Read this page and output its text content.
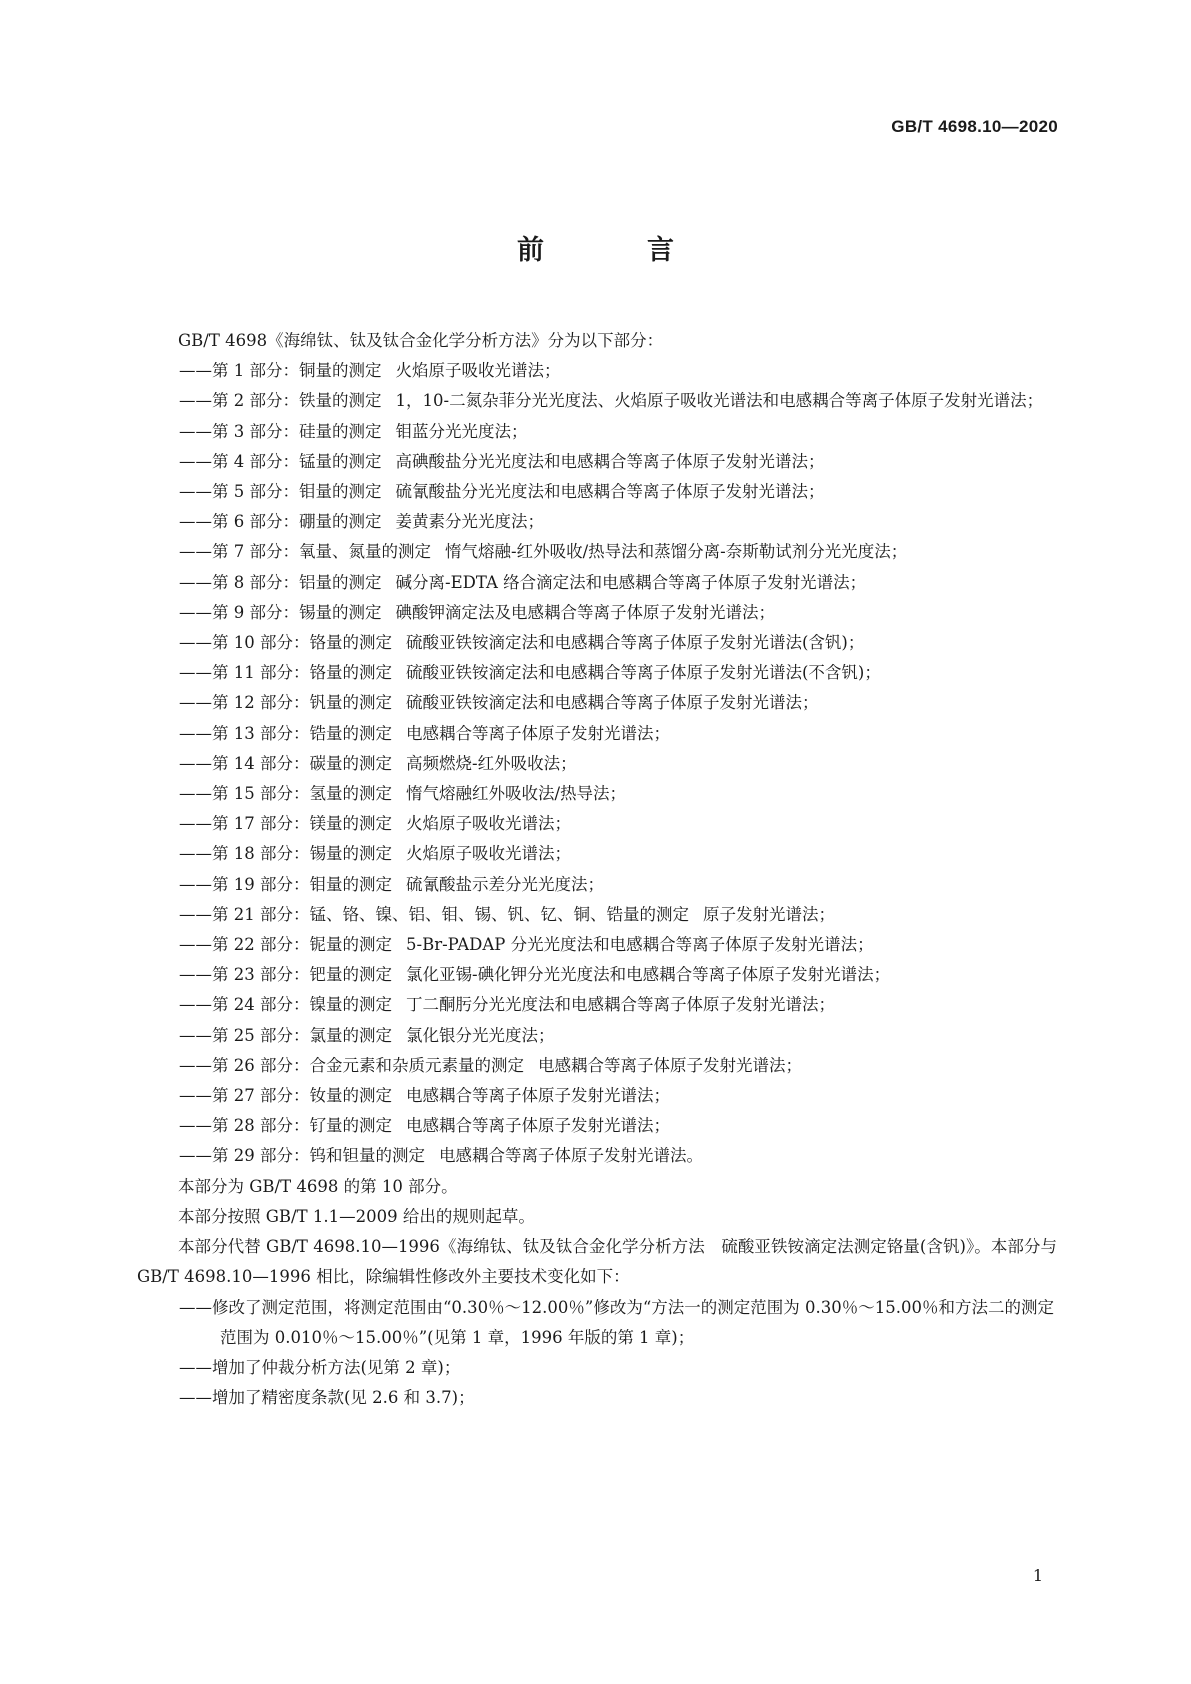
GB/T 4698.10—2020
前　言

GB/T 4698《海绵钛、钛及钛合金化学分析方法》分为以下部分：

——第 1 部分：铜量的测定 火焰原子吸收光谱法；

——第 2 部分：铁量的测定 1，10-二氮杂菲分光光度法、火焰原子吸收光谱法和电感耦合等离子体原子发射光谱法；

——第 3 部分：硅量的测定 钼蓝分光光度法；

——第 4 部分：锰量的测定 高碘酸盐分光光度法和电感耦合等离子体原子发射光谱法；

——第 5 部分：钼量的测定 硫氰酸盐分光光度法和电感耦合等离子体原子发射光谱法；

——第 6 部分：硼量的测定 姜黄素分光光度法；

——第 7 部分：氧量、氮量的测定 惰气熔融-红外吸收/热导法和蒸馏分离-奈斯勒试剂分光光度法；

——第 8 部分：铝量的测定 碱分离-EDTA 络合滴定法和电感耦合等离子体原子发射光谱法；

——第 9 部分：锡量的测定 碘酸钾滴定法及电感耦合等离子体原子发射光谱法；

——第 10 部分：铬量的测定 硫酸亚铁铵滴定法和电感耦合等离子体原子发射光谱法(含钒)；

——第 11 部分：铬量的测定 硫酸亚铁铵滴定法和电感耦合等离子体原子发射光谱法(不含钒)；

——第 12 部分：钒量的测定 硫酸亚铁铵滴定法和电感耦合等离子体原子发射光谱法；

——第 13 部分：锆量的测定 电感耦合等离子体原子发射光谱法；

——第 14 部分：碳量的测定 高频燃烧-红外吸收法；

——第 15 部分：氢量的测定 惰气熔融红外吸收法/热导法；

——第 17 部分：镁量的测定 火焰原子吸收光谱法；

——第 18 部分：锡量的测定 火焰原子吸收光谱法；

——第 19 部分：钼量的测定 硫氰酸盐示差分光光度法；

——第 21 部分：锰、铬、镍、铝、钼、锡、钒、钇、铜、锆量的测定 原子发射光谱法；

——第 22 部分：铌量的测定 5-Br-PADAP 分光光度法和电感耦合等离子体原子发射光谱法；

——第 23 部分：钯量的测定 氯化亚锡-碘化钾分光光度法和电感耦合等离子体原子发射光谱法；

——第 24 部分：镍量的测定 丁二酮肟分光光度法和电感耦合等离子体原子发射光谱法；

——第 25 部分：氯量的测定 氯化银分光光度法；

——第 26 部分：合金元素和杂质元素量的测定 电感耦合等离子体原子发射光谱法；

——第 27 部分：钕量的测定 电感耦合等离子体原子发射光谱法；

——第 28 部分：钌量的测定 电感耦合等离子体原子发射光谱法；

——第 29 部分：钨和钽量的测定 电感耦合等离子体原子发射光谱法。

本部分为 GB/T 4698 的第 10 部分。

本部分按照 GB/T 1.1—2009 给出的规则起草。

本部分代替 GB/T 4698.10—1996《海绵钛、钛及钛合金化学分析方法　硫酸亚铁铵滴定法测定铬量(含钒)》。本部分与 GB/T 4698.10—1996 相比，除编辑性修改外主要技术变化如下：

——修改了测定范围，将测定范围由“0.30％～12.00％”修改为“方法一的测定范围为 0.30％～15.00％和方法二的测定范围为 0.010％～15.00％”(见第 1 章，1996 年版的第 1 章)；

——增加了仲裁分析方法(见第 2 章)；

——增加了精密度条款(见 2.6 和 3.7)；

1
